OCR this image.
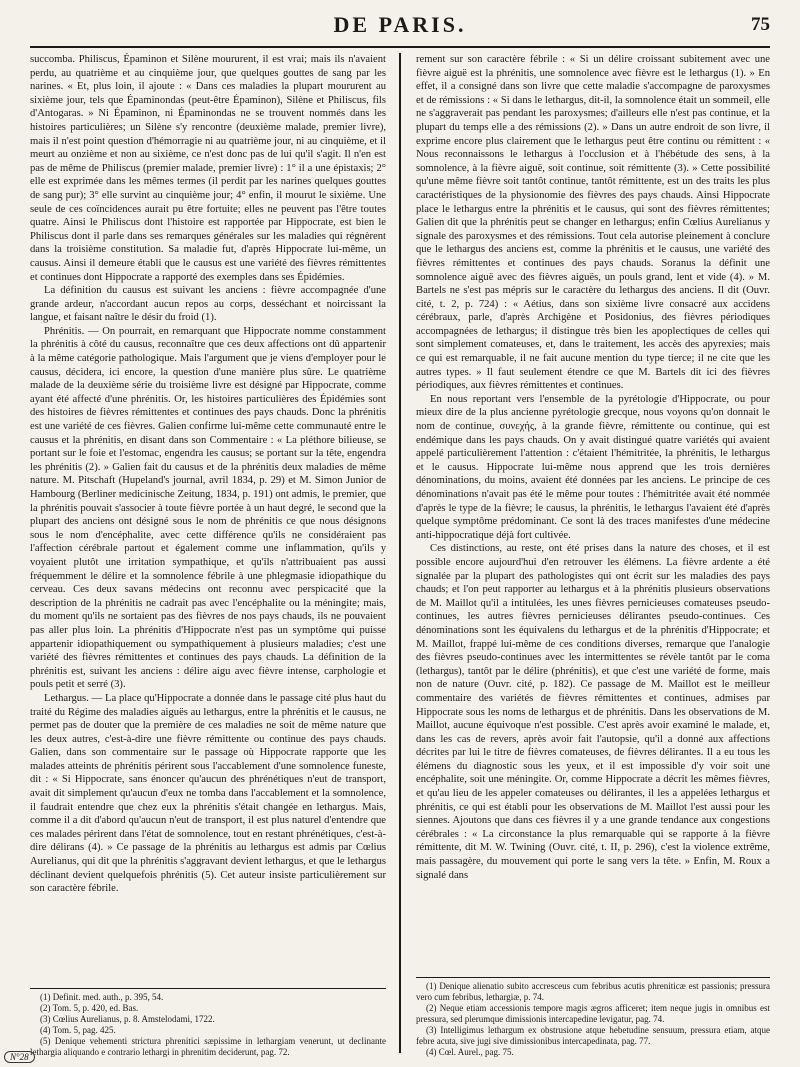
DE PARIS.	75

succomba. Philiscus, Épaminon et Silène moururent, il est vrai; mais ils n'avaient perdu, au quatrième et au cinquième jour, que quelques gouttes de sang par les narines. « Et, plus loin, il ajoute : « Dans ces maladies la plupart moururent au sixième jour, tels que Épaminondas (peut-être Épaminon), Silène et Philiscus, fils d'Antogaras. » Ni Épaminon, ni Épaminondas ne se trouvent nommés dans les histoires particulières; un Silène s'y rencontre (deuxième malade, premier livre), mais il n'est point question d'hémorragie ni au quatrième jour, ni au cinquième, et il meurt au onzième et non au sixième, ce n'est donc pas de lui qu'il s'agit. Il n'en est pas de même de Philiscus (premier malade, premier livre) : 1° il a une épistaxis; 2° elle est exprimée dans les mêmes termes (il perdit par les narines quelques gouttes de sang pur); 3° elle survint au cinquième jour; 4° enfin, il mourut le sixième. Une seule de ces coïncidences aurait pu être fortuite; elles ne peuvent pas l'être toutes quatre. Ainsi le Philiscus dont l'histoire est rapportée par Hippocrate, est bien le Philiscus dont il parle dans ses remarques générales sur les maladies qui régnèrent dans la troisième constitution. Sa maladie fut, d'après Hippocrate lui-même, un causus. Ainsi il demeure établi que le causus est une variété des fièvres rémittentes et continues dont Hippocrate a rapporté des exemples dans ses Épidémies.

La définition du causus est suivant les anciens : fièvre accompagnée d'une grande ardeur, n'accordant aucun repos au corps, desséchant et noircissant la langue, et faisant naître le désir du froid (1).

Phrénitis. — On pourrait, en remarquant que Hippocrate nomme constamment la phrénitis à côté du causus, reconnaître que ces deux affections ont dû appartenir à la même catégorie pathologique. Mais l'argument que je viens d'employer pour le causus, décidera, ici encore, la question d'une manière plus sûre. Le quatrième malade de la deuxième série du troisième livre est désigné par Hippocrate, comme ayant été affecté d'une phrénitis. Or, les histoires particulières des Épidémies sont des histoires de fièvres rémittentes et continues des pays chauds. Donc la phrénitis est une variété de ces fièvres. Galien confirme lui-même cette communauté entre le causus et la phrénitis, en disant dans son Commentaire : « La pléthore bilieuse, se portant sur le foie et l'estomac, engendra les causus; se portant sur la tête, engendra les phrénitis (2). » Galien fait du causus et de la phrénitis deux maladies de même nature. M. Pitschaft (Hupeland's journal, avril 1834, p. 29) et M. Simon Junior de Hambourg (Berliner medicinische Zeitung, 1834, p. 191) ont admis, le premier, que la phrénitis pouvait s'associer à toute fièvre portée à un haut degré, le second que la plupart des anciens ont désigné sous le nom de phrénitis ce que nous désignons sous le nom d'encéphalite, avec cette différence qu'ils ne considéraient pas l'affection cérébrale partout et également comme une inflammation, qu'ils y voyaient plutôt une irritation sympathique, et qu'ils n'attribuaient pas aussi fréquemment le délire et la somnolence fébrile à une phlegmasie idiopathique du cerveau. Ces deux savans médecins ont reconnu avec perspicacité que la description de la phrénitis ne cadrait pas avec l'encéphalite ou la méningite; mais, du moment qu'ils ne sortaient pas des fièvres de nos pays chauds, ils ne pouvaient pas aller plus loin. La phrénitis d'Hippocrate n'est pas un symptôme qui puisse appartenir idiopathiquement ou sympathiquement à plusieurs maladies; c'est une variété des fièvres rémittentes et continues des pays chauds. La définition de la phrénitis est, suivant les anciens : délire aigu avec fièvre intense, carphologie et pouls petit et serré (3).

Lethargus. — La place qu'Hippocrate a donnée dans le passage cité plus haut du traité du Régime des maladies aiguës au lethargus, entre la phrénitis et le causus, ne permet pas de douter que la première de ces maladies ne soit de même nature que les deux autres, c'est-à-dire une fièvre rémittente ou continue des pays chauds. Galien, dans son commentaire sur le passage où Hippocrate rapporte que les malades atteints de phrénitis périrent sous l'accablement d'une somnolence funeste, dit : « Si Hippocrate, sans énoncer qu'aucun des phrénétiques n'eut de transport, avait dit simplement qu'aucun d'eux ne tomba dans l'accablement et la somnolence, il faudrait entendre que chez eux la phrénitis s'était changée en lethargus. Mais, comme il a dit d'abord qu'aucun n'eut de transport, il est plus naturel d'entendre que ces malades périrent dans l'état de somnolence, tout en restant phrénétiques, c'est-à-dire délirans (4). » Ce passage de la phrénitis au lethargus est admis par Cœlius Aurelianus, qui dit que la phrénitis s'aggravant devient lethargus, et que le lethargus déclinant devient quelquefois phrénitis (5). Cet auteur insiste particulièrement sur son caractère fébrile.

(1) Definit. med. auth., p. 395, 54.

(2) Tom. 5, p. 420, ed. Bas.

(3) Cœlius Aurelianus, p. 8. Amstelodami, 1722.

(4) Tom. 5, pag. 425.

(5) Denique vehementi stricturа phrenitici sæpissime in lethargiam venerunt, ut declinante lethargia aliquando e contrario lethargi in phrenitim deciderunt, pag. 72.

rement sur son caractère fébrile : « Si un délire croissant subitement avec une fièvre aiguë est la phrénitis, une somnolence avec fièvre est le lethargus (1). » En effet, il a consigné dans son livre que cette maladie s'accompagne de paroxysmes et de rémissions : « Si dans le lethargus, dit-il, la somnolence était un sommeil, elle ne s'aggraverait pas pendant les paroxysmes; d'ailleurs elle n'est pas continue, et la plupart du temps elle a des rémissions (2). » Dans un autre endroit de son livre, il exprime encore plus clairement que le lethargus peut être continu ou rémittent : « Nous reconnaissons le lethargus à l'occlusion et à l'hébétude des sens, à la somnolence, à la fièvre aiguë, soit continue, soit rémittente (3). » Cette possibilité qu'une même fièvre soit tantôt continue, tantôt rémittente, est un des traits les plus caractéristiques de la physionomie des fièvres des pays chauds. Ainsi Hippocrate place le lethargus entre la phrénitis et le causus, qui sont des fièvres rémittentes; Galien dit que la phrénitis peut se changer en lethargus; enfin Cœlius Aurelianus y signale des paroxysmes et des rémissions. Tout cela autorise pleinement à conclure que le lethargus des anciens est, comme la phrénitis et le causus, une variété des fièvres rémittentes et continues des pays chauds. Soranus la définit une somnolence aiguë avec des fièvres aiguës, un pouls grand, lent et vide (4). » M. Bartels ne s'est pas mépris sur le caractère du lethargus des anciens. Il dit (Ouvr. cité, t. 2, p. 724) : « Aétius, dans son sixième livre consacré aux accidens cérébraux, parle, d'après Archigène et Posidonius, des fièvres périodiques accompagnées de lethargus; il distingue très bien les apoplectiques de celles qui sont simplement comateuses, et, dans le traitement, les accès des apyrexies; mais ce qui est remarquable, il ne fait aucune mention du type tierce; il ne cite que les autres types. » Il faut seulement étendre ce que M. Bartels dit ici des fièvres périodiques, aux fièvres rémittentes et continues.

En nous reportant vers l'ensemble de la pyrétologie d'Hippocrate, ou pour mieux dire de la plus ancienne pyrétologie grecque, nous voyons qu'on donnait le nom de continue, συνεχής, à la grande fièvre, rémittente ou continue, qui est endémique dans les pays chauds. On y avait distingué quatre variétés qui avaient appelé particulièrement l'attention : c'étaient l'hémitritée, la phrénitis, le lethargus et le causus. Hippocrate lui-même nous apprend que les trois dernières dénominations, du moins, avaient été données par les anciens. Le principe de ces dénominations n'avait pas été le même pour toutes : l'hémitritée avait été nommée d'après le type de la fièvre; le causus, la phrénitis, le lethargus l'avaient été d'après quelque symptôme prédominant. Ce sont là des traces manifestes d'une médecine anti-hippocratique déjà fort cultivée.

Ces distinctions, au reste, ont été prises dans la nature des choses, et il est possible encore aujourd'hui d'en retrouver les élémens. La fièvre ardente a été signalée par la plupart des pathologistes qui ont écrit sur les maladies des pays chauds; et l'on peut rapporter au lethargus et à la phrénitis plusieurs observations de M. Maillot qu'il a intitulées, les unes fièvres pernicieuses comateuses pseudo-continues, les autres fièvres pernicieuses délirantes pseudo-continues. Ces dénominations sont les équivalens du lethargus et de la phrénitis d'Hippocrate; et M. Maillot, frappé lui-même de ces conditions diverses, remarque que l'analogie des fièvres pseudo-continues avec les intermittentes se révèle tantôt par le coma (lethargus), tantôt par le délire (phrénitis), et que c'est une variété de forme, mais non de nature (Ouvr. cité, p. 182). Ce passage de M. Maillot est le meilleur commentaire des variétés de fièvres rémittentes et continues, admises par Hippocrate sous les noms de lethargus et de phrénitis. Dans les observations de M. Maillot, aucune équivoque n'est possible. C'est après avoir examiné le malade, et, dans les cas de revers, après avoir fait l'autopsie, qu'il a donné aux affections décrites par lui le titre de fièvres comateuses, de fièvres délirantes. Il a eu tous les élémens du diagnostic sous les yeux, et il est impossible d'y voir soit une encéphalite, soit une méningite. Or, comme Hippocrate a décrit les mêmes fièvres, et qu'au lieu de les appeler comateuses ou délirantes, il les a appelées lethargus et phrénitis, ce qui est établi pour les observations de M. Maillot l'est aussi pour les siennes. Ajoutons que dans ces fièvres il y a une grande tendance aux congestions cérébrales : « La circonstance la plus remarquable qui se rapporte à la fièvre rémittente, dit M. W. Twining (Ouvr. cité, t. II, p. 296), c'est la violence extrême, mais passagère, du mouvement qui porte le sang vers la tête. » Enfin, M. Roux a signalé dans

(1) Denique alienatio subito accresceus cum febribus acutis phreniticæ est passionis; pressura vero cum febribus, lethargiæ, p. 74.

(2) Neque etiam accessionis tempore magis ægros afficeret; item neque jugis in omnibus est pressura, sed plerumque dimissionis intercapedine levigatur, pag. 74.

(3) Intelligimus lethargum ex obstrusione atque hebetudine sensuum, pressura etiam, atque febre acuta, sive jugi sive dimissionibus intercapedinata, pag. 77.

(4) Cœl. Aurel., pag. 75.

N°28
